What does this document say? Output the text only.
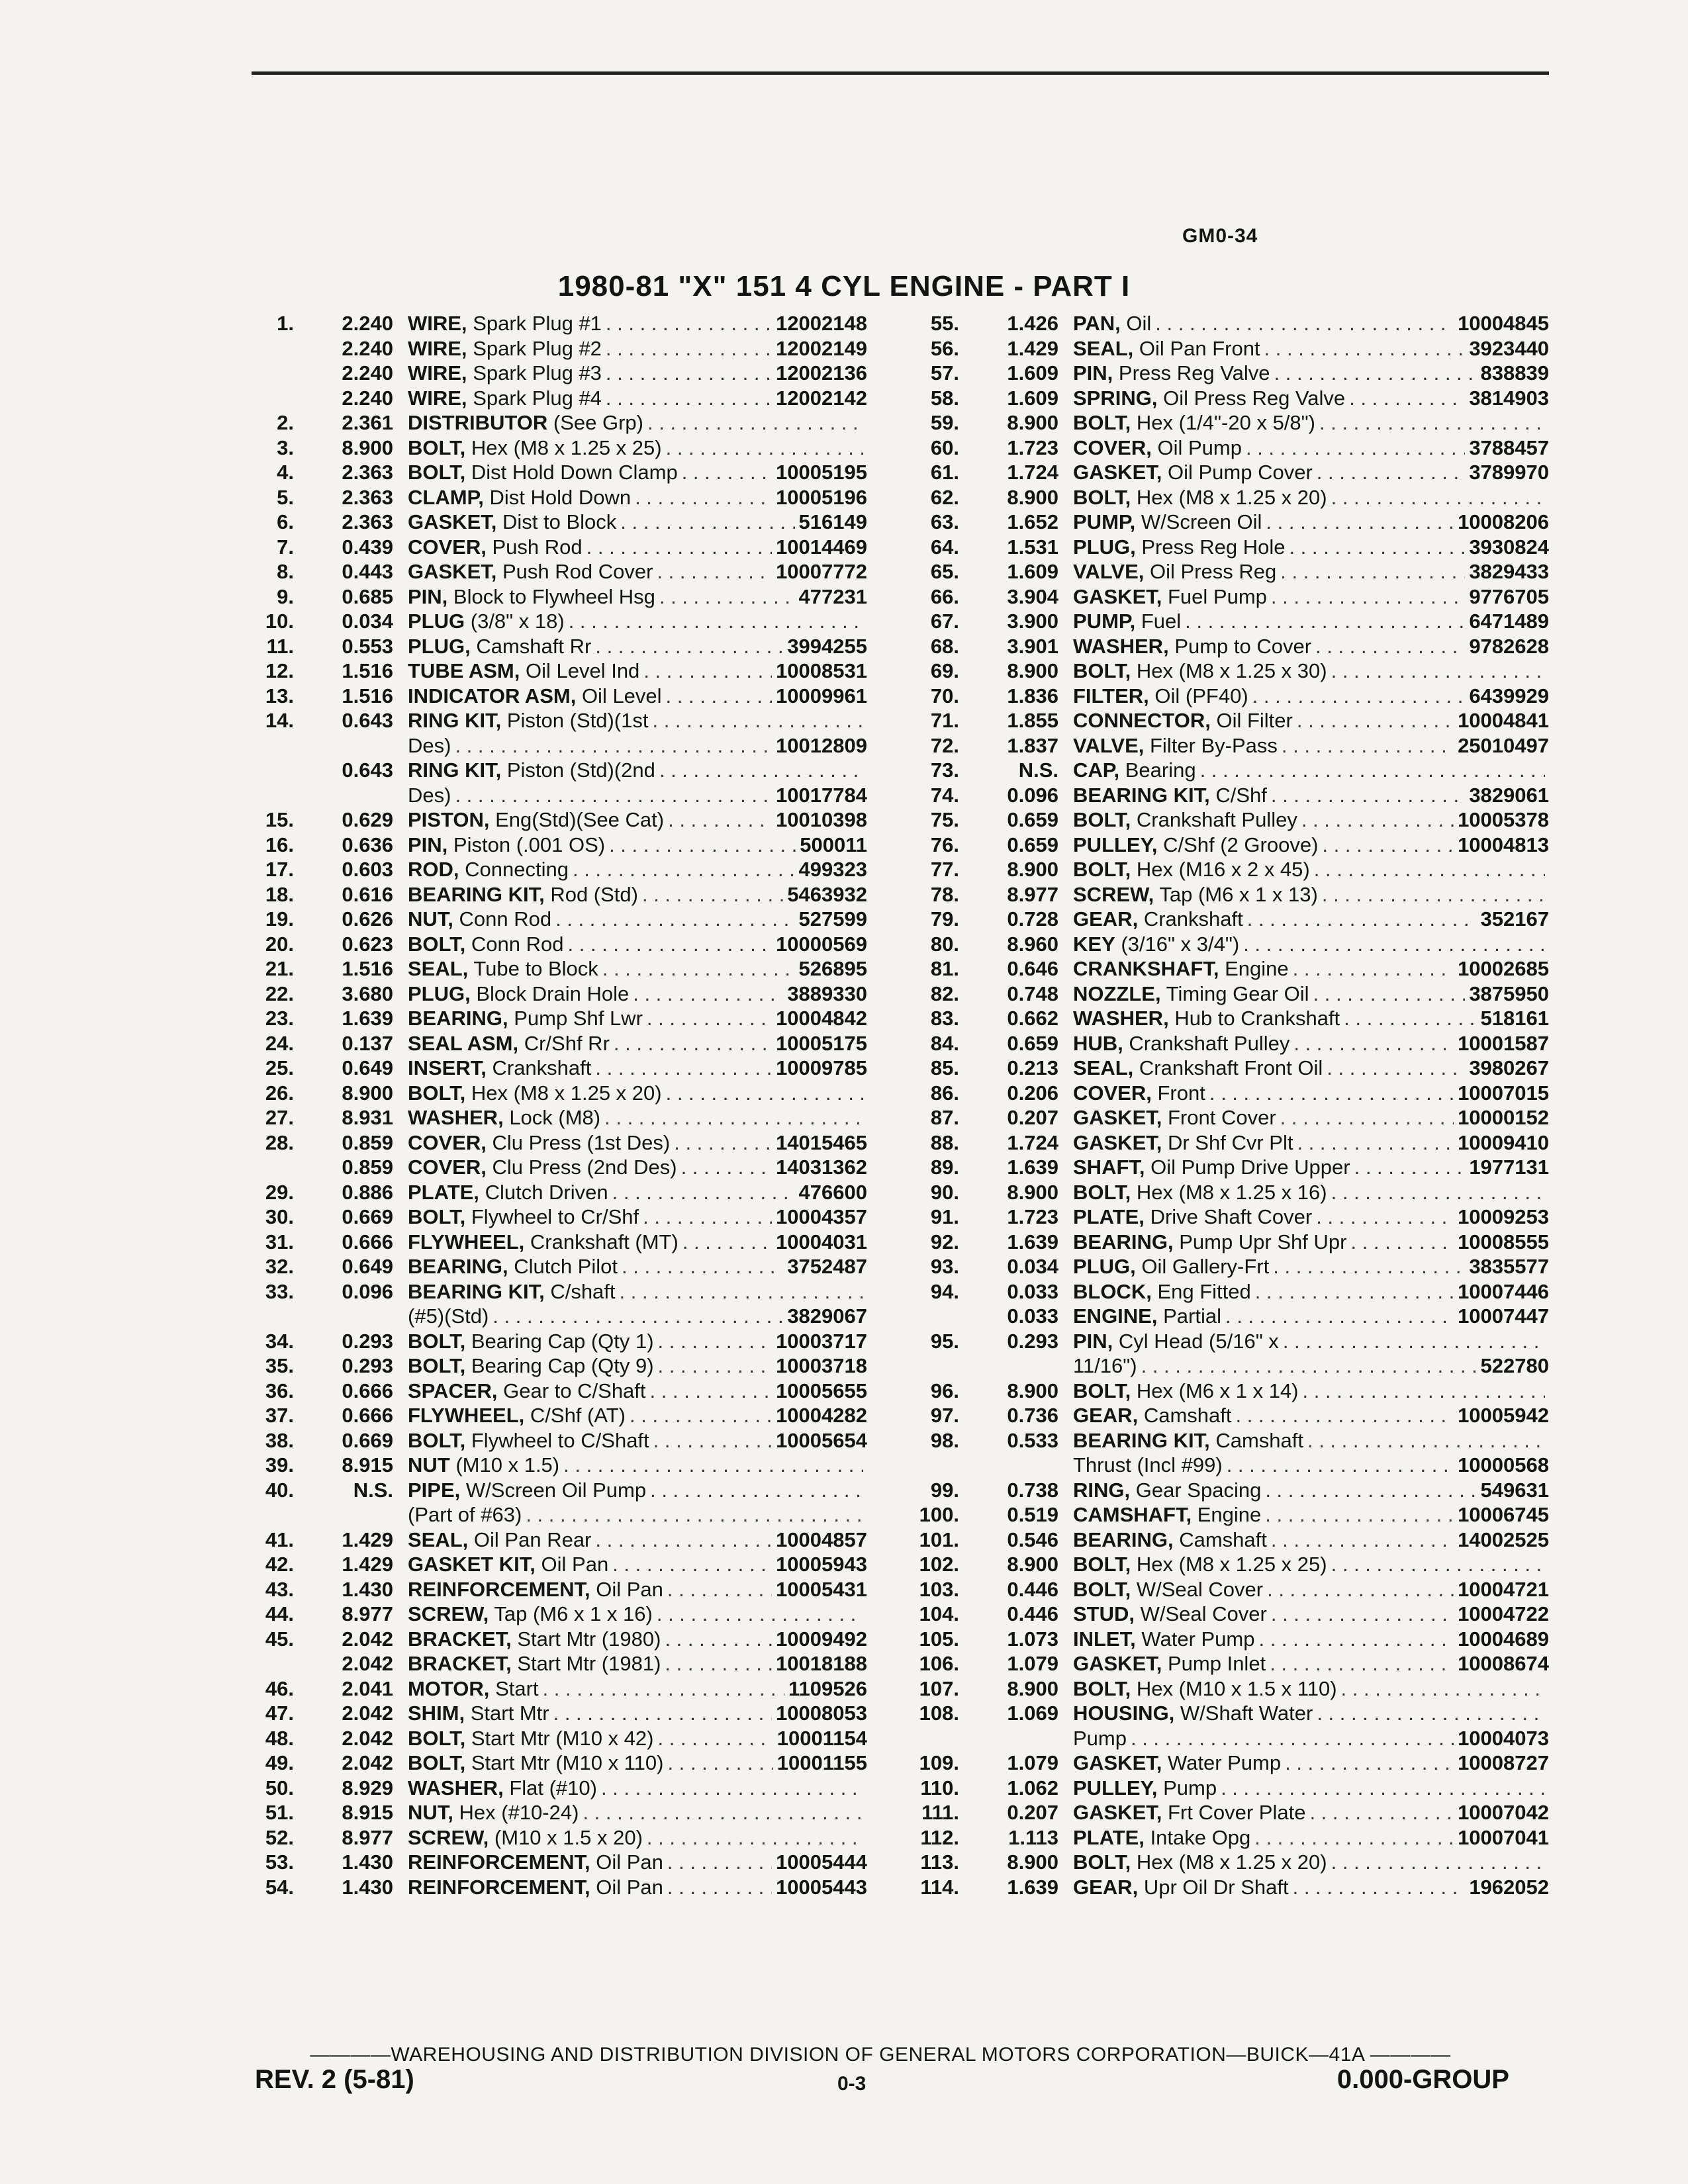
GM0-34
1980-81 "X" 151 4 CYL ENGINE - PART I
1.	2.240 WIRE, Spark Plug #1 . . .	12002148
2.240 WIRE, Spark Plug #2 . . .	12002149
2.240 WIRE, Spark Plug #3 . . .	12002136
2.240 WIRE, Spark Plug #4 . . .	12002142
2.	2.361 DISTRIBUTOR (See Grp)
. . .
3.	8.900 BOLT, Hex (M8 x 1.25 x 25)
. . .
4.	2.363 BOLT, Dist Hold Down Clamp . . .	10005195
5.	2.363 CLAMP, Dist Hold Down . . .	10005196
6.	2.363 GASKET, Dist to Block . . .	516149
7.	0.439 COVER, Push Rod . . .	10014469
8.	0.443 GASKET, Push Rod Cover . . .	10007772
9.	0.685 PIN, Block to Flywheel Hsg . . .	477231
10.	0.034 PLUG (3/8" x 18)
. . .
11.	0.553 PLUG, Camshaft Rr . . .	3994255
12.	1.516 TUBE ASM, Oil Level Ind . . .	10008531
13.	1.516 INDICATOR ASM, Oil Level . . .	10009961
14.	0.643 RING KIT, Piston (Std)(1st
. . .
Des) . . .	10012809
0.643 RING KIT, Piston (Std)(2nd
. . .
Des) . . .	10017784
15.	0.629 PISTON, Eng(Std)(See Cat) . . .	10010398
16.	0.636 PIN, Piston (.001 OS) . . .	500011
17.	0.603 ROD, Connecting . . .	499323
18.	0.616 BEARING KIT, Rod (Std) . . .	5463932
19.	0.626 NUT, Conn Rod . . .	527599
20.	0.623 BOLT, Conn Rod . . .	10000569
21.	1.516 SEAL, Tube to Block . . .	526895
22.	3.680 PLUG, Block Drain Hole . . .	3889330
23.	1.639 BEARING, Pump Shf Lwr . . .	10004842
24.	0.137 SEAL ASM, Cr/Shf Rr . . .	10005175
25.	0.649 INSERT, Crankshaft . . .	10009785
26.	8.900 BOLT, Hex (M8 x 1.25 x 20)
. . .
27.	8.931 WASHER, Lock (M8)
. . .
28.	0.859 COVER, Clu Press (1st Des) . . .	14015465
0.859 COVER, Clu Press (2nd Des) . . .	14031362
29.	0.886 PLATE, Clutch Driven . . .	476600
30.	0.669 BOLT, Flywheel to Cr/Shf . . .	10004357
31.	0.666 FLYWHEEL, Crankshaft (MT) . . .	10004031
32.	0.649 BEARING, Clutch Pilot . . .	3752487
33.	0.096 BEARING KIT, C/shaft
. . .
(#5)(Std) . . .	3829067
34.	0.293 BOLT, Bearing Cap (Qty 1) . . .	10003717
35.	0.293 BOLT, Bearing Cap (Qty 9) . . .	10003718
36.	0.666 SPACER, Gear to C/Shaft . . .	10005655
37.	0.666 FLYWHEEL, C/Shf (AT) . . .	10004282
38.	0.669 BOLT, Flywheel to C/Shaft . . .	10005654
39.	8.915 NUT (M10 x 1.5)
. . .
40.	N.S. PIPE, W/Screen Oil Pump
. . .
(Part of #63)
. . .
41.	1.429 SEAL, Oil Pan Rear . . .	10004857
42.	1.429 GASKET KIT, Oil Pan . . .	10005943
43.	1.430 REINFORCEMENT, Oil Pan . . .	10005431
44.	8.977 SCREW, Tap (M6 x 1 x 16)
. . .
45.	2.042 BRACKET, Start Mtr (1980) . . .	10009492
2.042 BRACKET, Start Mtr (1981) . . .	10018188
46.	2.041 MOTOR, Start . . .	1109526
47.	2.042 SHIM, Start Mtr . . .	10008053
48.	2.042 BOLT, Start Mtr (M10 x 42) . . .	10001154
49.	2.042 BOLT, Start Mtr (M10 x 110) . . .	10001155
50.	8.929 WASHER, Flat (#10)
. . .
51.	8.915 NUT, Hex (#10-24)
. . .
52.	8.977 SCREW, (M10 x 1.5 x 20)
. . .
53.	1.430 REINFORCEMENT, Oil Pan . . .	10005444
54.	1.430 REINFORCEMENT, Oil Pan . . .	10005443
55.	1.426 PAN, Oil . . .	10004845
56.	1.429 SEAL, Oil Pan Front . . .	3923440
57.	1.609 PIN, Press Reg Valve . . .	838839
58.	1.609 SPRING, Oil Press Reg Valve . . .	3814903
59.	8.900 BOLT, Hex (1/4"-20 x 5/8")
. . .
60.	1.723 COVER, Oil Pump . . .	3788457
61.	1.724 GASKET, Oil Pump Cover . . .	3789970
62.	8.900 BOLT, Hex (M8 x 1.25 x 20)
. . .
63.	1.652 PUMP, W/Screen Oil . . .	10008206
64.	1.531 PLUG, Press Reg Hole . . .	3930824
65.	1.609 VALVE, Oil Press Reg . . .	3829433
66.	3.904 GASKET, Fuel Pump . . .	9776705
67.	3.900 PUMP, Fuel . . .	6471489
68.	3.901 WASHER, Pump to Cover . . .	9782628
69.	8.900 BOLT, Hex (M8 x 1.25 x 30)
. . .
70.	1.836 FILTER, Oil (PF40) . . .	6439929
71.	1.855 CONNECTOR, Oil Filter . . .	10004841
72.	1.837 VALVE, Filter By-Pass . . .	25010497
73.	N.S. CAP, Bearing
. . .
74.	0.096 BEARING KIT, C/Shf . . .	3829061
75.	0.659 BOLT, Crankshaft Pulley . . .	10005378
76.	0.659 PULLEY, C/Shf (2 Groove) . . .	10004813
77.	8.900 BOLT, Hex (M16 x 2 x 45)
. . .
78.	8.977 SCREW, Tap (M6 x 1 x 13)
. . .
79.	0.728 GEAR, Crankshaft . . .	352167
80.	8.960 KEY (3/16" x 3/4")
. . .
81.	0.646 CRANKSHAFT, Engine . . .	10002685
82.	0.748 NOZZLE, Timing Gear Oil . . .	3875950
83.	0.662 WASHER, Hub to Crankshaft . . .	518161
84.	0.659 HUB, Crankshaft Pulley . . .	10001587
85.	0.213 SEAL, Crankshaft Front Oil . . .	3980267
86.	0.206 COVER, Front . . .	10007015
87.	0.207 GASKET, Front Cover . . .	10000152
88.	1.724 GASKET, Dr Shf Cvr Plt . . .	10009410
89.	1.639 SHAFT, Oil Pump Drive Upper . . .	1977131
90.	8.900 BOLT, Hex (M8 x 1.25 x 16)
. . .
91.	1.723 PLATE, Drive Shaft Cover . . .	10009253
92.	1.639 BEARING, Pump Upr Shf Upr . . .	10008555
93.	0.034 PLUG, Oil Gallery-Frt . . .	3835577
94.	0.033 BLOCK, Eng Fitted . . .	10007446
0.033 ENGINE, Partial . . .	10007447
95.	0.293 PIN, Cyl Head (5/16" x
. . .
11/16") . . .	522780
96.	8.900 BOLT, Hex (M6 x 1 x 14)
. . .
97.	0.736 GEAR, Camshaft . . .	10005942
98.	0.533 BEARING KIT, Camshaft
. . .
Thrust (Incl #99) . . .	10000568
99.	0.738 RING, Gear Spacing . . .	549631
100.	0.519 CAMSHAFT, Engine . . .	10006745
101.	0.546 BEARING, Camshaft . . .	14002525
102.	8.900 BOLT, Hex (M8 x 1.25 x 25)
. . .
103.	0.446 BOLT, W/Seal Cover . . .	10004721
104.	0.446 STUD, W/Seal Cover . . .	10004722
105.	1.073 INLET, Water Pump . . .	10004689
106.	1.079 GASKET, Pump Inlet . . .	10008674
107.	8.900 BOLT, Hex (M10 x 1.5 x 110)
. . .
108.	1.069 HOUSING, W/Shaft Water
. . .
Pump . . .	10004073
109.	1.079 GASKET, Water Pump . . .	10008727
110.	1.062 PULLEY, Pump
. . .
111.	0.207 GASKET, Frt Cover Plate . . .	10007042
112.	1.113 PLATE, Intake Opg . . .	10007041
113.	8.900 BOLT, Hex (M8 x 1.25 x 20)
. . .
114.	1.639 GEAR, Upr Oil Dr Shaft . . .	1962052
————WAREHOUSING AND DISTRIBUTION DIVISION OF GENERAL MOTORS CORPORATION—BUICK—41A ————
REV. 2 (5-81)	0-3	0.000-GROUP
